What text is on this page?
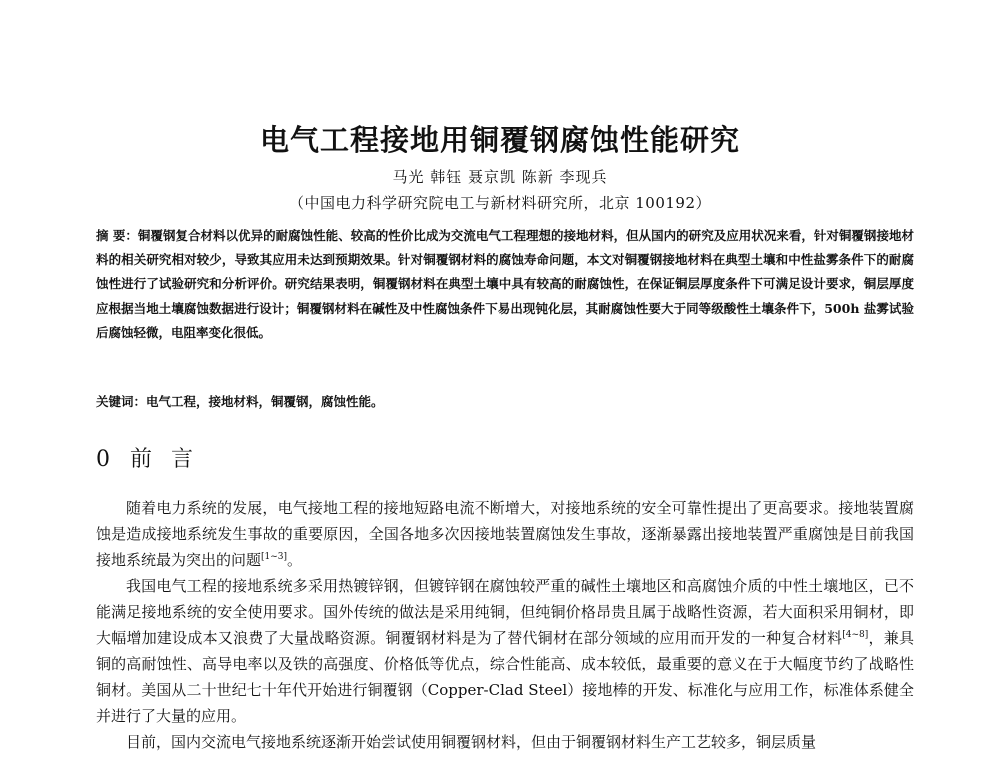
电气工程接地用铜覆钢腐蚀性能研究
马光 韩钰 聂京凯 陈新 李现兵
（中国电力科学研究院电工与新材料研究所，北京 100192）
摘 要：铜覆钢复合材料以优异的耐腐蚀性能、较高的性价比成为交流电气工程理想的接地材料，但从国内的研究及应用状况来看，针对铜覆钢接地材料的相关研究相对较少，导致其应用未达到预期效果。针对铜覆钢材料的腐蚀寿命问题，本文对铜覆钢接地材料在典型土壤和中性盐雾条件下的耐腐蚀性进行了试验研究和分析评价。研究结果表明，铜覆钢材料在典型土壤中具有较高的耐腐蚀性，在保证铜层厚度条件下可满足设计要求，铜层厚度应根据当地土壤腐蚀数据进行设计；铜覆钢材料在碱性及中性腐蚀条件下易出现钝化层，其耐腐蚀性要大于同等级酸性土壤条件下，500h 盐雾试验后腐蚀轻微，电阻率变化很低。
关键词：电气工程，接地材料，铜覆钢，腐蚀性能。
0 前 言

随着电力系统的发展，电气接地工程的接地短路电流不断增大，对接地系统的安全可靠性提出了更高要求。接地装置腐蚀是造成接地系统发生事故的重要原因，全国各地多次因接地装置腐蚀发生事故，逐渐暴露出接地装置严重腐蚀是目前我国接地系统最为突出的问题[1~3]。

我国电气工程的接地系统多采用热镀锌钢，但镀锌钢在腐蚀较严重的碱性土壤地区和高腐蚀介质的中性土壤地区，已不能满足接地系统的安全使用要求。国外传统的做法是采用纯铜，但纯铜价格昂贵且属于战略性资源，若大面积采用铜材，即大幅增加建设成本又浪费了大量战略资源。铜覆钢材料是为了替代铜材在部分领域的应用而开发的一种复合材料[4~8]，兼具铜的高耐蚀性、高导电率以及铁的高强度、价格低等优点，综合性能高、成本较低，最重要的意义在于大幅度节约了战略性铜材。美国从二十世纪七十年代开始进行铜覆钢（Copper-Clad Steel）接地棒的开发、标准化与应用工作，标准体系健全并进行了大量的应用。

目前，国内交流电气接地系统逐渐开始尝试使用铜覆钢材料，但由于铜覆钢材料生产工艺较多，铜层质量
